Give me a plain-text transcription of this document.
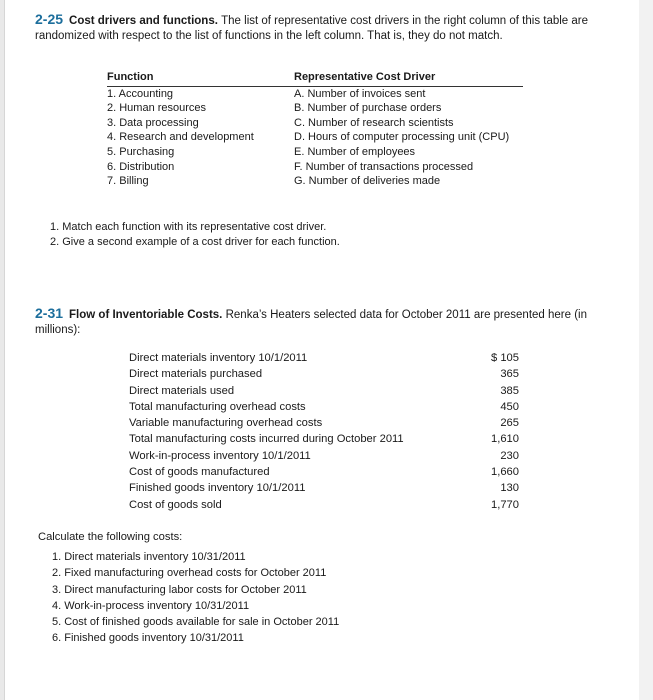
2-25 Cost drivers and functions. The list of representative cost drivers in the right column of this table are randomized with respect to the list of functions in the left column. That is, they do not match.
Function	Representative Cost Driver
1. Accounting	A. Number of invoices sent
2. Human resources	B. Number of purchase orders
3. Data processing	C. Number of research scientists
4. Research and development	D. Hours of computer processing unit (CPU)
5. Purchasing	E. Number of employees
6. Distribution	F. Number of transactions processed
7. Billing	G. Number of deliveries made
1. Match each function with its representative cost driver.
2. Give a second example of a cost driver for each function.
2-31 Flow of Inventoriable Costs. Renka’s Heaters selected data for October 2011 are presented here (in millions):
Direct materials inventory 10/1/2011	$ 105
Direct materials purchased	365
Direct materials used	385
Total manufacturing overhead costs	450
Variable manufacturing overhead costs	265
Total manufacturing costs incurred during October 2011	1,610
Work-in-process inventory 10/1/2011	230
Cost of goods manufactured	1,660
Finished goods inventory 10/1/2011	130
Cost of goods sold	1,770
Calculate the following costs:
1. Direct materials inventory 10/31/2011
2. Fixed manufacturing overhead costs for October 2011
3. Direct manufacturing labor costs for October 2011
4. Work-in-process inventory 10/31/2011
5. Cost of finished goods available for sale in October 2011
6. Finished goods inventory 10/31/2011
